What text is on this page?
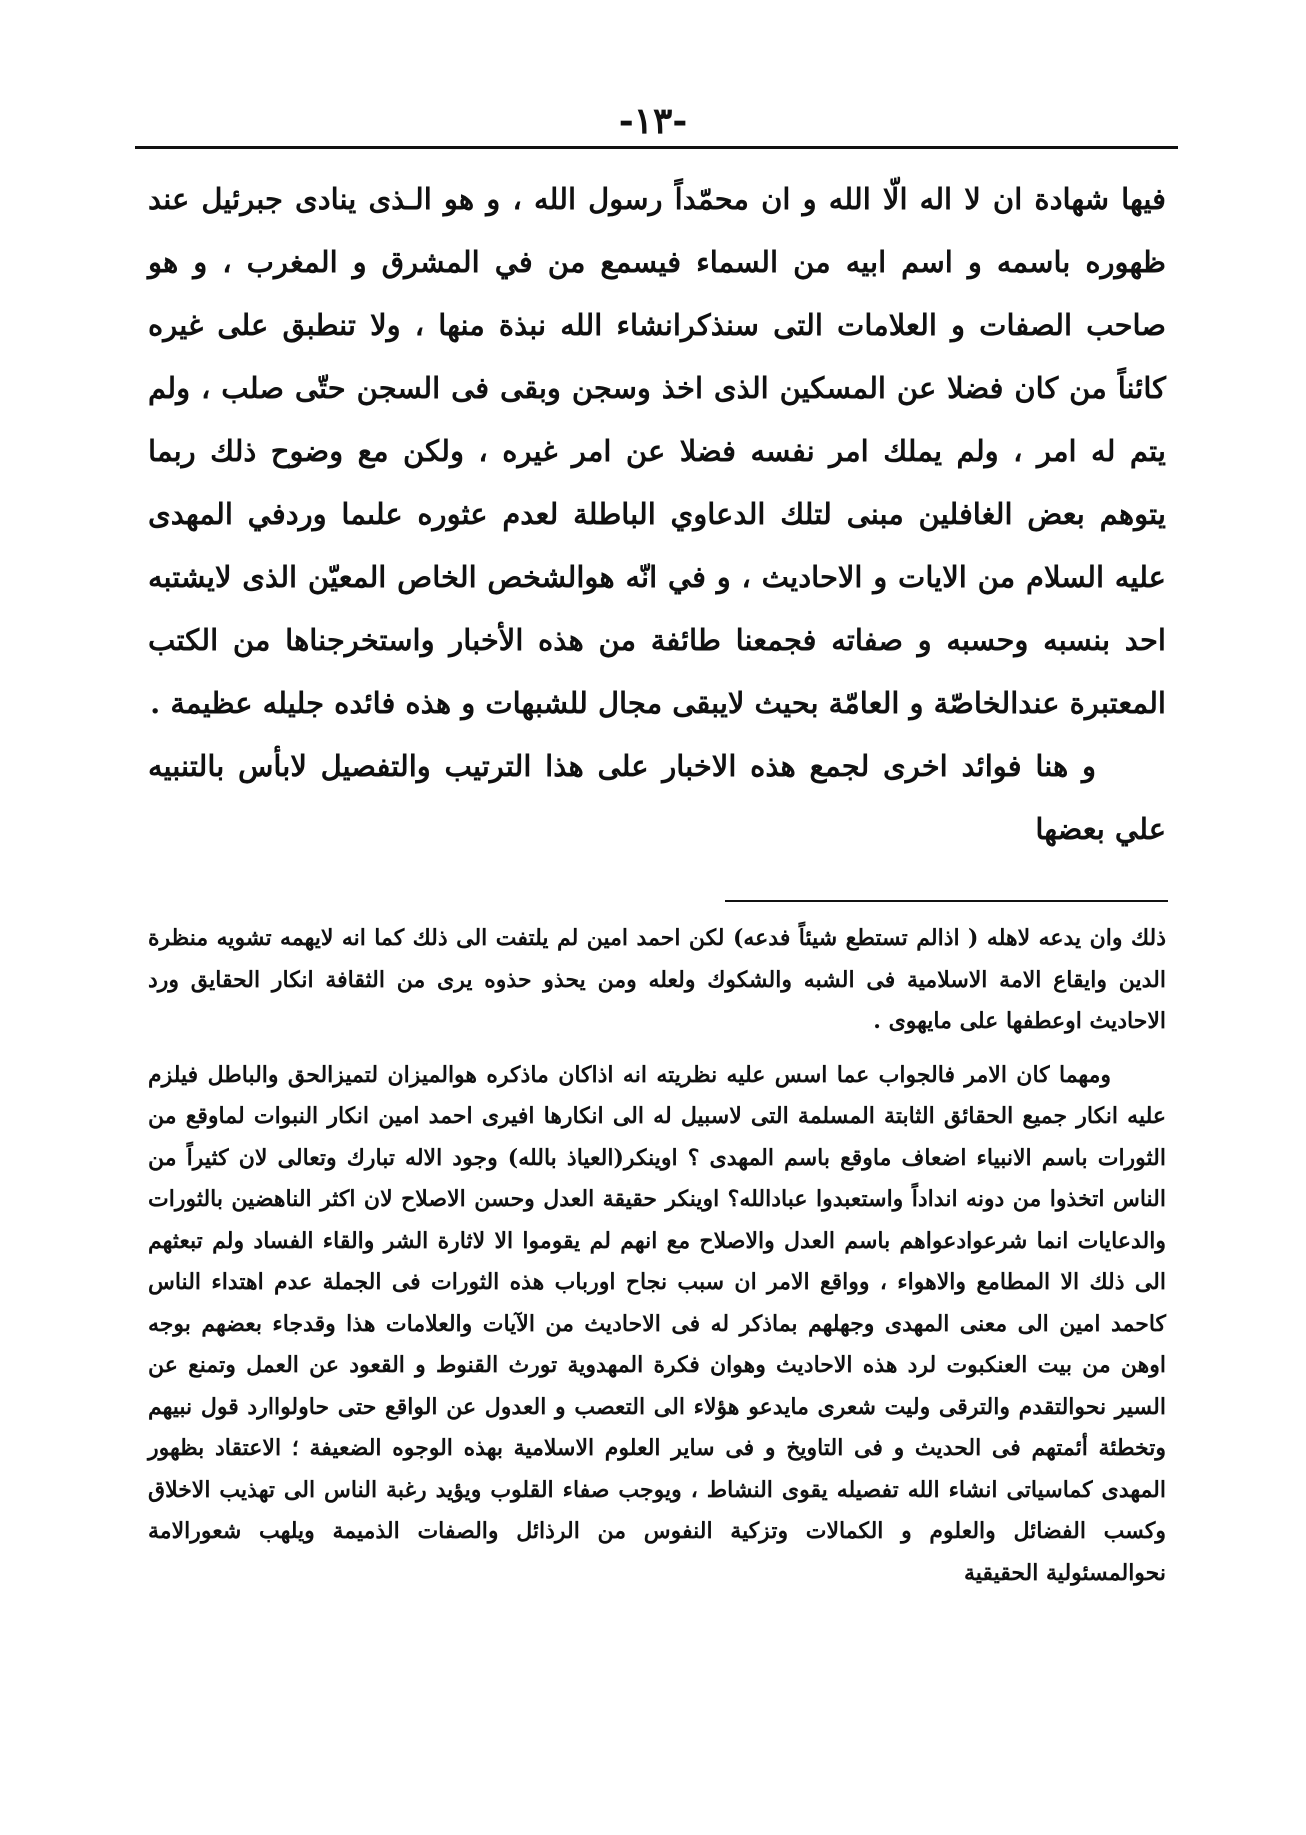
-١٣-

فيها شهادة ان لا اله الّا الله و ان محمّداً رسول الله ، و هو الـذى ينادى جبرئيل عند ظهوره باسمه و اسم ابيه من السماء فيسمع من في المشرق و المغرب ، و هو صاحب الصفات و العلامات التى سنذكرانشاء الله نبذة منها ، ولا تنطبق على غيره كائناً من كان فضلا عن المسكين الذى اخذ وسجن وبقى فى السجن حتّى صلب ، ولم يتم له امر ، ولم يملك امر نفسه فضلا عن امر غيره ، ولكن مع وضوح ذلك ربما يتوهم بعض الغافلين مبنى لتلك الدعاوي الباطلة لعدم عثوره علىما وردفي المهدى عليه السلام من الايات و الاحاديث ، و في انّه هوالشخص الخاص المعيّن الذى لايشتبه احد بنسبه وحسبه و صفاته فجمعنا طائفة من هذه الأخبار واستخرجناها من الكتب المعتبرة عندالخاصّة و العامّة بحيث لايبقى مجال للشبهات و هذه فائده جليله عظيمة .

و هنا فوائد اخرى لجمع هذه الاخبار على هذا الترتيب والتفصيل لابأس بالتنبيه علي بعضها

ذلك وان يدعه لاهله ( اذالم تستطع شيئاً فدعه) لكن احمد امين لم يلتفت الى ذلك كما انه لايهمه تشويه منظرة الدين وايقاع الامة الاسلامية فى الشبه والشكوك ولعله ومن يحذو حذوه يرى من الثقافة انكار الحقايق ورد الاحاديث اوعطفها على مايهوى .

ومهما كان الامر فالجواب عما اسس عليه نظريته انه اذاكان ماذكره هوالميزان لتميزالحق والباطل فيلزم عليه انكار جميع الحقائق الثابتة المسلمة التى لاسبيل له الى انكارها افيرى احمد امين انكار النبوات لماوقع من الثورات باسم الانبياء اضعاف ماوقع باسم المهدى ؟ اوينكر(العياذ بالله) وجود الاله تبارك وتعالى لان كثيراً من الناس اتخذوا من دونه انداداً واستعبدوا عبادالله؟ اوينكر حقيقة العدل وحسن الاصلاح لان اكثر الناهضين بالثورات والدعايات انما شرعوادعواهم باسم العدل والاصلاح مع انهم لم يقوموا الا لاثارة الشر والقاء الفساد ولم تبعثهم الى ذلك الا المطامع والاهواء ، وواقع الامر ان سبب نجاح اورباب هذه الثورات فى الجملة عدم اهتداء الناس كاحمد امين الى معنى المهدى وجهلهم بماذكر له فى الاحاديث من الآيات والعلامات هذا وقدجاء بعضهم بوجه اوهن من بيت العنكبوت لرد هذه الاحاديث وهوان فكرة المهدوية تورث القنوط و القعود عن العمل وتمنع عن السير نحوالتقدم والترقى وليت شعرى مايدعو هؤلاء الى التعصب و العدول عن الواقع حتى حاولواارد قول نبيهم وتخطئة أئمتهم فى الحديث و فى التاويخ و فى ساير العلوم الاسلامية بهذه الوجوه الضعيفة ؛ الاعتقاد بظهور المهدى كماسياتى انشاء الله تفصيله يقوى النشاط ، ويوجب صفاء القلوب ويؤيد رغبة الناس الى تهذيب الاخلاق وكسب الفضائل والعلوم و الكمالات وتزكية النفوس من الرذائل والصفات الذميمة ويلهب شعورالامة نحوالمسئولية الحقيقية
